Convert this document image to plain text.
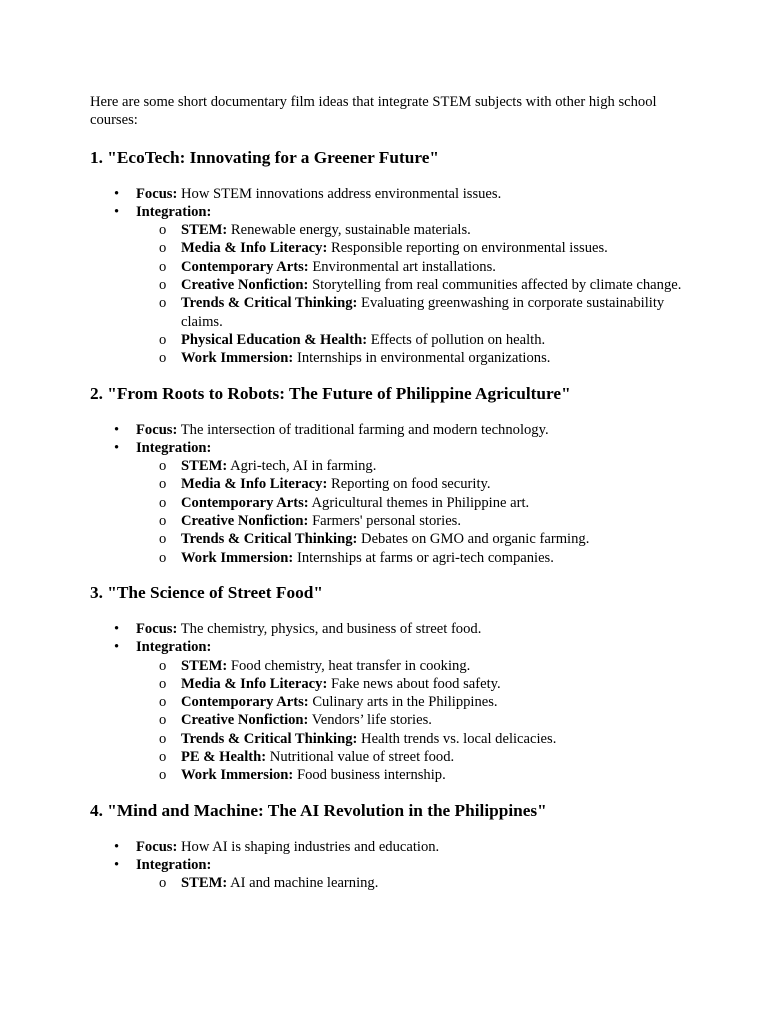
Here are some short documentary film ideas that integrate STEM subjects with other high school courses:

1. "EcoTech: Innovating for a Greener Future"
• Focus: How STEM innovations address environmental issues.
• Integration:
o STEM: Renewable energy, sustainable materials.
o Media & Info Literacy: Responsible reporting on environmental issues.
o Contemporary Arts: Environmental art installations.
o Creative Nonfiction: Storytelling from real communities affected by climate change.
o Trends & Critical Thinking: Evaluating greenwashing in corporate sustainability claims.
o Physical Education & Health: Effects of pollution on health.
o Work Immersion: Internships in environmental organizations.
2. "From Roots to Robots: The Future of Philippine Agriculture"
• Focus: The intersection of traditional farming and modern technology.
• Integration:
o STEM: Agri-tech, AI in farming.
o Media & Info Literacy: Reporting on food security.
o Contemporary Arts: Agricultural themes in Philippine art.
o Creative Nonfiction: Farmers' personal stories.
o Trends & Critical Thinking: Debates on GMO and organic farming.
o Work Immersion: Internships at farms or agri-tech companies.
3. "The Science of Street Food"
• Focus: The chemistry, physics, and business of street food.
• Integration:
o STEM: Food chemistry, heat transfer in cooking.
o Media & Info Literacy: Fake news about food safety.
o Contemporary Arts: Culinary arts in the Philippines.
o Creative Nonfiction: Vendors’ life stories.
o Trends & Critical Thinking: Health trends vs. local delicacies.
o PE & Health: Nutritional value of street food.
o Work Immersion: Food business internship.
4. "Mind and Machine: The AI Revolution in the Philippines"
• Focus: How AI is shaping industries and education.
• Integration:
o STEM: AI and machine learning.
